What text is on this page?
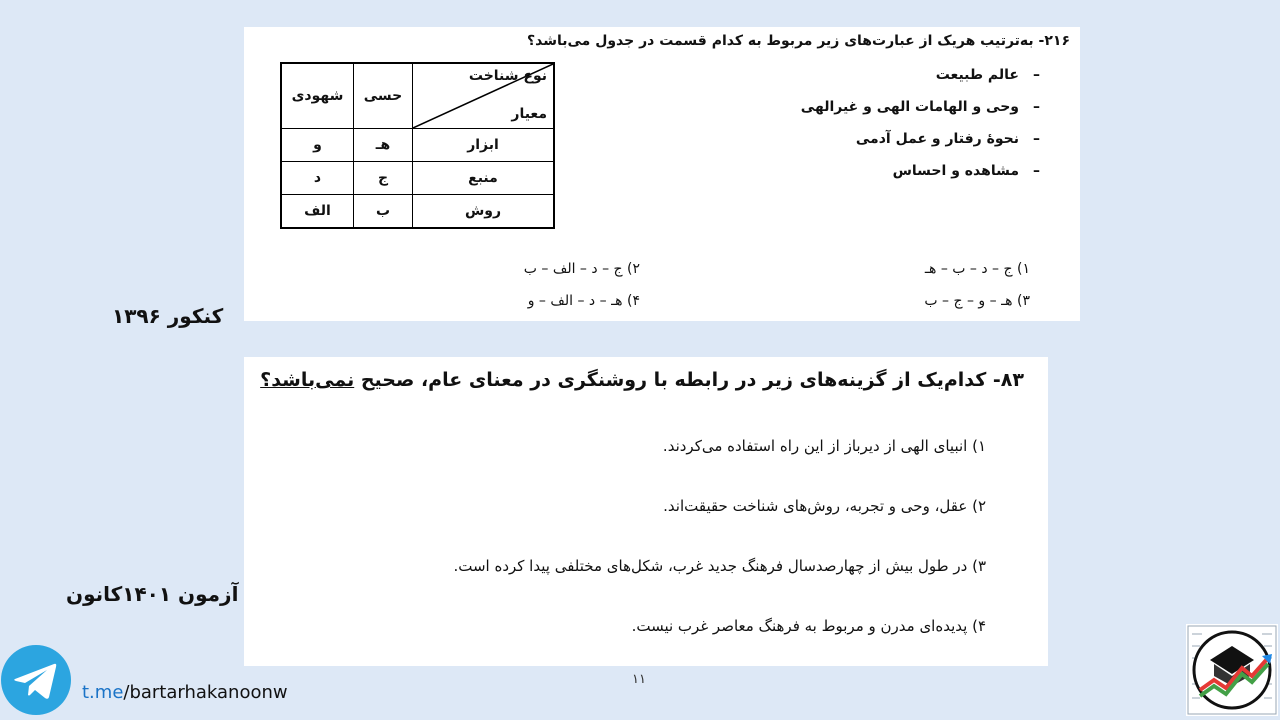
۲۱۶- به‌ترتیب هریک از عبارت‌های زیر مربوط به کدام قسمت در جدول می‌باشد؟
–عالم طبیعت
–وحی و الهامات الهی و غیرالهی
–نحوهٔ رفتار و عمل آدمی
–مشاهده و احساس
شهودی	حسی	نوع شناخت
معیار

و	هـ	ابزار
د	ج	منبع
الف	ب	روش
۱) ج – د – ب – هـ
۲) ج – د – الف – ب
۳) هـ – و – ج – ب
۴) هـ – د – الف – و
کنکور ۱۳۹۶
۸۳- کدام‌یک از گزینه‌های زیر در رابطه با روشنگری در معنای عام، صحیح نمی‌باشد؟
۱) انبیای الهی از دیرباز از این راه استفاده می‌کردند.
۲) عقل، وحی و تجربه، روش‌های شناخت حقیقت‌اند.
۳) در طول بیش از چهارصدسال فرهنگ جدید غرب، شکل‌های مختلفی پیدا کرده است.
۴) پدیده‌ای مدرن و مربوط به فرهنگ معاصر غرب نیست.
آزمون ۱۴۰۱کانون
۱۱
t.me/bartarhakanoonw
